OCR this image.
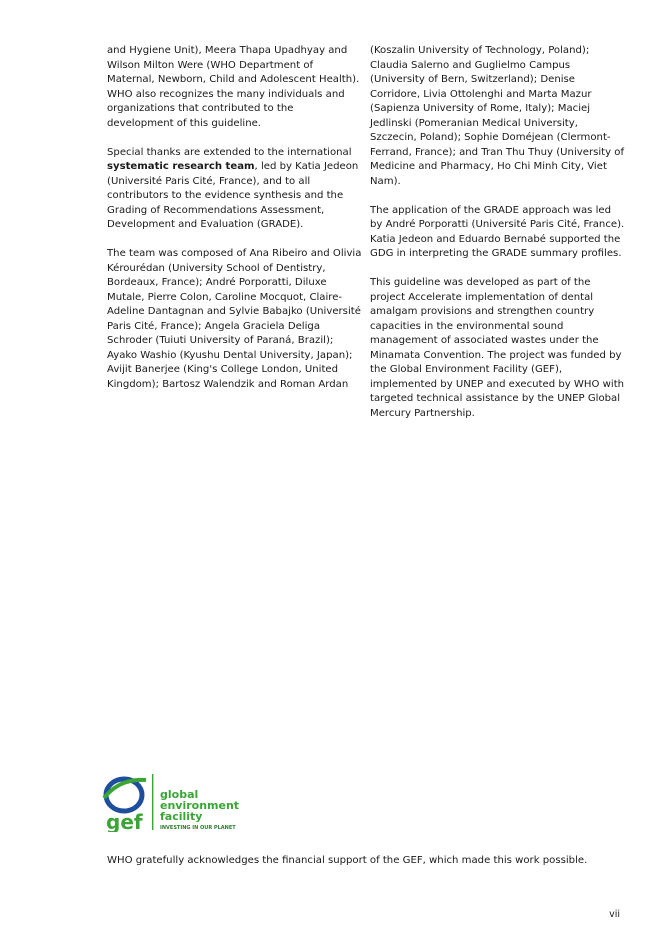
and Hygiene Unit), Meera Thapa Upadhyay and Wilson Milton Were (WHO Department of Maternal, Newborn, Child and Adolescent Health). WHO also recognizes the many individuals and organizations that contributed to the development of this guideline.

Special thanks are extended to the international systematic research team, led by Katia Jedeon (Université Paris Cité, France), and to all contributors to the evidence synthesis and the Grading of Recommendations Assessment, Development and Evaluation (GRADE).

The team was composed of Ana Ribeiro and Olivia Kérourédan (University School of Dentistry, Bordeaux, France); André Porporatti, Diluxe Mutale, Pierre Colon, Caroline Mocquot, Claire-Adeline Dantagnan and Sylvie Babajko (Université Paris Cité, France); Angela Graciela Deliga Schroder (Tuiuti University of Paraná, Brazil); Ayako Washio (Kyushu Dental University, Japan); Avijit Banerjee (King's College London, United Kingdom); Bartosz Walendzik and Roman Ardan

(Koszalin University of Technology, Poland); Claudia Salerno and Guglielmo Campus (University of Bern, Switzerland); Denise Corridore, Livia Ottolenghi and Marta Mazur (Sapienza University of Rome, Italy); Maciej Jedlinski (Pomeranian Medical University, Szczecin, Poland); Sophie Doméjean (Clermont-Ferrand, France); and Tran Thu Thuy (University of Medicine and Pharmacy, Ho Chi Minh City, Viet Nam).

The application of the GRADE approach was led by André Porporatti (Université Paris Cité, France). Katia Jedeon and Eduardo Bernabé supported the GDG in interpreting the GRADE summary profiles.

This guideline was developed as part of the project Accelerate implementation of dental amalgam provisions and strengthen country capacities in the environmental sound management of associated wastes under the Minamata Convention. The project was funded by the Global Environment Facility (GEF), implemented by UNEP and executed by WHO with targeted technical assistance by the UNEP Global Mercury Partnership.

gef
global
environment
facility
INVESTING IN OUR PLANET
WHO gratefully acknowledges the financial support of the GEF, which made this work possible.
vii
